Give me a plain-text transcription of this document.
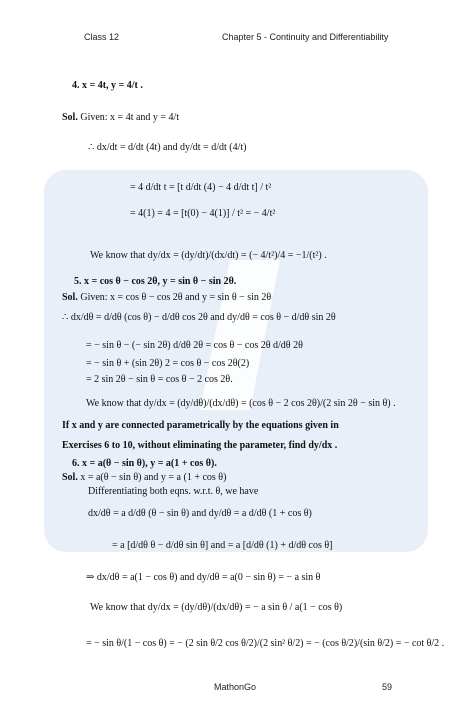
Class 12	Chapter 5 - Continuity and Differentiability
4. x = 4t, y = 4/t .
Sol. Given: x = 4t and y = 4/t
∴ dx/dt = d/dt (4t) and dy/dt = d/dt (4/t)
= 4 d/dt t = [t d/dt (4) − 4 d/dt t] / t²
= 4(1) = 4 = [t(0) − 4(1)] / t² = − 4/t²
We know that dy/dx = (dy/dt)/(dx/dt) = (− 4/t²)/4 = −1/(t²) .
5. x = cos θ − cos 2θ, y = sin θ − sin 2θ.
Sol. Given: x = cos θ − cos 2θ and y = sin θ − sin 2θ
∴ dx/dθ = d/dθ (cos θ) − d/dθ cos 2θ and dy/dθ = cos θ − d/dθ sin 2θ
= − sin θ − (− sin 2θ) d/dθ 2θ = cos θ − cos 2θ d/dθ 2θ
= − sin θ + (sin 2θ) 2 = cos θ − cos 2θ(2)
= 2 sin 2θ − sin θ = cos θ − 2 cos 2θ.
We know that dy/dx = (dy/dθ)/(dx/dθ) = (cos θ − 2 cos 2θ)/(2 sin 2θ − sin θ) .
If x and y are connected parametrically by the equations given in
Exercises 6 to 10, without eliminating the parameter, find dy/dx .
6. x = a(θ − sin θ), y = a(1 + cos θ).
Sol. x = a(θ − sin θ) and y = a (1 + cos θ)
Differentiating both eqns. w.r.t. θ, we have
dx/dθ = a d/dθ (θ − sin θ) and dy/dθ = a d/dθ (1 + cos θ)
= a [d/dθ θ − d/dθ sin θ] and = a [d/dθ (1) + d/dθ cos θ]
⇒ dx/dθ = a(1 − cos θ) and dy/dθ = a(0 − sin θ) = − a sin θ
We know that dy/dx = (dy/dθ)/(dx/dθ) = − a sin θ / a(1 − cos θ)
= − sin θ/(1 − cos θ) = − (2 sin θ/2 cos θ/2)/(2 sin² θ/2) = − (cos θ/2)/(sin θ/2) = − cot θ/2 .
MathonGo	59
